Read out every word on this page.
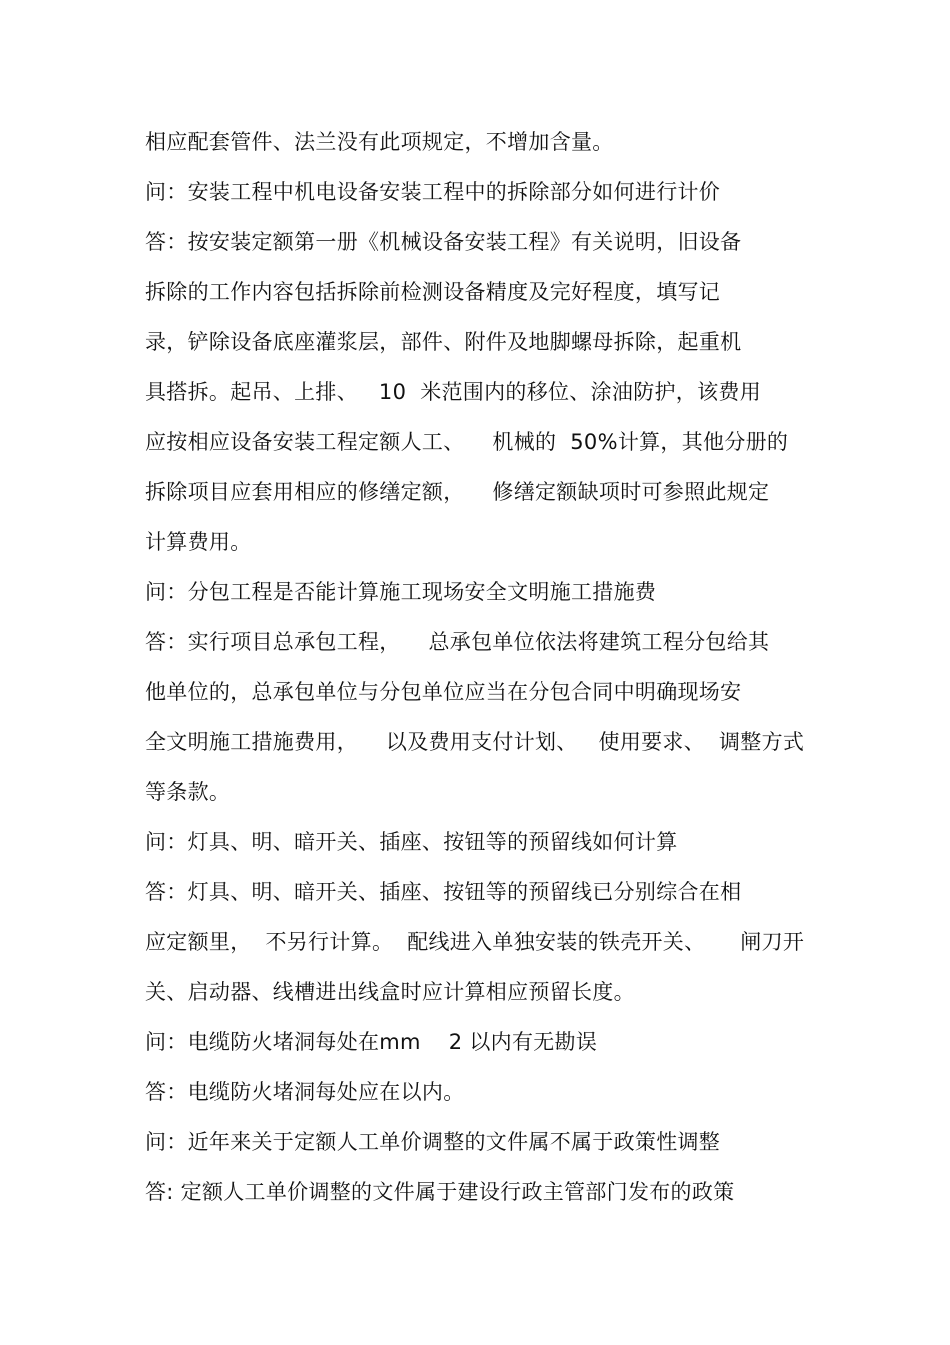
相应配套管件、法兰没有此项规定，不增加含量。
问：安装工程中机电设备安装工程中的拆除部分如何进行计价
答：按安装定额第一册《机械设备安装工程》有关说明，旧设备
拆除的工作内容包括拆除前检测设备精度及完好程度，填写记
录，铲除设备底座灌浆层，部件、附件及地脚螺母拆除，起重机
具搭拆。起吊、上排、   10  米范围内的移位、涂油防护，该费用
应按相应设备安装工程定额人工、    机械的  50%计算，其他分册的
拆除项目应套用相应的修缮定额，    修缮定额缺项时可参照此规定
计算费用。
问：分包工程是否能计算施工现场安全文明施工措施费
答：实行项目总承包工程，    总承包单位依法将建筑工程分包给其
他单位的，总承包单位与分包单位应当在分包合同中明确现场安
全文明施工措施费用，    以及费用支付计划、   使用要求、  调整方式
等条款。
问：灯具、明、暗开关、插座、按钮等的预留线如何计算
答：灯具、明、暗开关、插座、按钮等的预留线已分别综合在相
应定额里，  不另行计算。  配线进入单独安装的铁壳开关、     闸刀开
关、启动器、线槽进出线盒时应计算相应预留长度。
问：电缆防火堵洞每处在mm    2 以内有无勘误
答：电缆防火堵洞每处应在以内。
问：近年来关于定额人工单价调整的文件属不属于政策性调整
答: 定额人工单价调整的文件属于建设行政主管部门发布的政策
